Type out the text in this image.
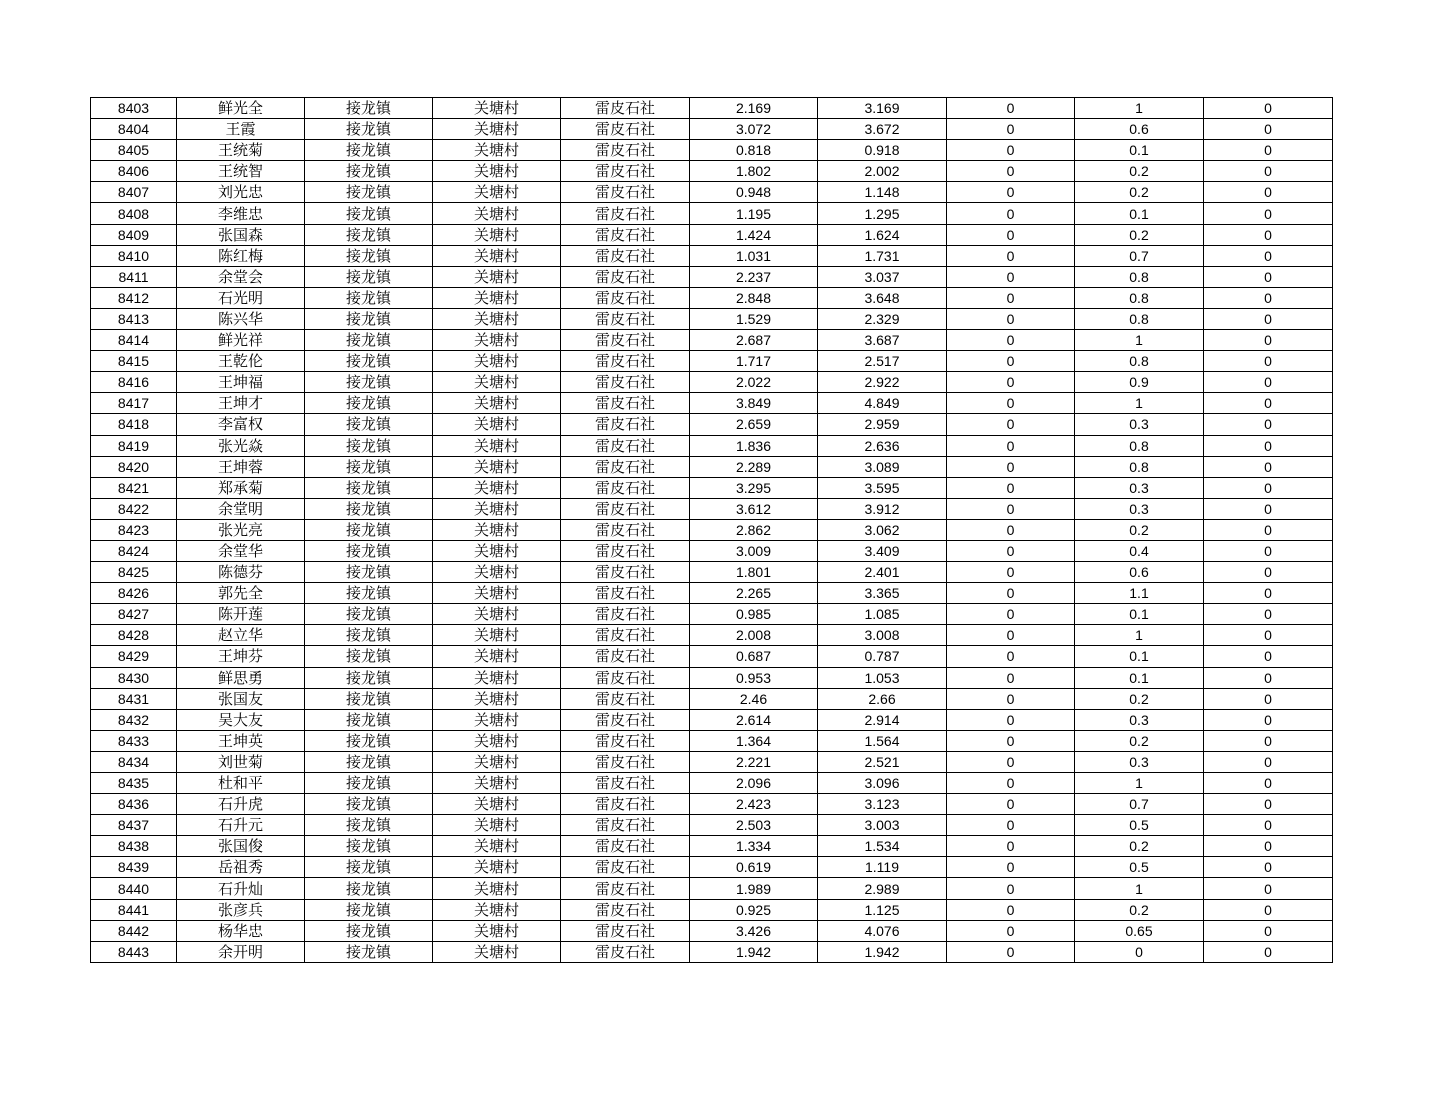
8403	鲜光全	接龙镇	关塘村	雷皮石社	2.169	3.169	0	1	0
8404	王霞	接龙镇	关塘村	雷皮石社	3.072	3.672	0	0.6	0
8405	王统菊	接龙镇	关塘村	雷皮石社	0.818	0.918	0	0.1	0
8406	王统智	接龙镇	关塘村	雷皮石社	1.802	2.002	0	0.2	0
8407	刘光忠	接龙镇	关塘村	雷皮石社	0.948	1.148	0	0.2	0
8408	李维忠	接龙镇	关塘村	雷皮石社	1.195	1.295	0	0.1	0
8409	张国森	接龙镇	关塘村	雷皮石社	1.424	1.624	0	0.2	0
8410	陈红梅	接龙镇	关塘村	雷皮石社	1.031	1.731	0	0.7	0
8411	余堂会	接龙镇	关塘村	雷皮石社	2.237	3.037	0	0.8	0
8412	石光明	接龙镇	关塘村	雷皮石社	2.848	3.648	0	0.8	0
8413	陈兴华	接龙镇	关塘村	雷皮石社	1.529	2.329	0	0.8	0
8414	鲜光祥	接龙镇	关塘村	雷皮石社	2.687	3.687	0	1	0
8415	王乾伦	接龙镇	关塘村	雷皮石社	1.717	2.517	0	0.8	0
8416	王坤福	接龙镇	关塘村	雷皮石社	2.022	2.922	0	0.9	0
8417	王坤才	接龙镇	关塘村	雷皮石社	3.849	4.849	0	1	0
8418	李富权	接龙镇	关塘村	雷皮石社	2.659	2.959	0	0.3	0
8419	张光焱	接龙镇	关塘村	雷皮石社	1.836	2.636	0	0.8	0
8420	王坤蓉	接龙镇	关塘村	雷皮石社	2.289	3.089	0	0.8	0
8421	郑承菊	接龙镇	关塘村	雷皮石社	3.295	3.595	0	0.3	0
8422	余堂明	接龙镇	关塘村	雷皮石社	3.612	3.912	0	0.3	0
8423	张光亮	接龙镇	关塘村	雷皮石社	2.862	3.062	0	0.2	0
8424	余堂华	接龙镇	关塘村	雷皮石社	3.009	3.409	0	0.4	0
8425	陈德芬	接龙镇	关塘村	雷皮石社	1.801	2.401	0	0.6	0
8426	郭先全	接龙镇	关塘村	雷皮石社	2.265	3.365	0	1.1	0
8427	陈开莲	接龙镇	关塘村	雷皮石社	0.985	1.085	0	0.1	0
8428	赵立华	接龙镇	关塘村	雷皮石社	2.008	3.008	0	1	0
8429	王坤芬	接龙镇	关塘村	雷皮石社	0.687	0.787	0	0.1	0
8430	鲜思勇	接龙镇	关塘村	雷皮石社	0.953	1.053	0	0.1	0
8431	张国友	接龙镇	关塘村	雷皮石社	2.46	2.66	0	0.2	0
8432	吴大友	接龙镇	关塘村	雷皮石社	2.614	2.914	0	0.3	0
8433	王坤英	接龙镇	关塘村	雷皮石社	1.364	1.564	0	0.2	0
8434	刘世菊	接龙镇	关塘村	雷皮石社	2.221	2.521	0	0.3	0
8435	杜和平	接龙镇	关塘村	雷皮石社	2.096	3.096	0	1	0
8436	石升虎	接龙镇	关塘村	雷皮石社	2.423	3.123	0	0.7	0
8437	石升元	接龙镇	关塘村	雷皮石社	2.503	3.003	0	0.5	0
8438	张国俊	接龙镇	关塘村	雷皮石社	1.334	1.534	0	0.2	0
8439	岳祖秀	接龙镇	关塘村	雷皮石社	0.619	1.119	0	0.5	0
8440	石升灿	接龙镇	关塘村	雷皮石社	1.989	2.989	0	1	0
8441	张彦兵	接龙镇	关塘村	雷皮石社	0.925	1.125	0	0.2	0
8442	杨华忠	接龙镇	关塘村	雷皮石社	3.426	4.076	0	0.65	0
8443	余开明	接龙镇	关塘村	雷皮石社	1.942	1.942	0	0	0
